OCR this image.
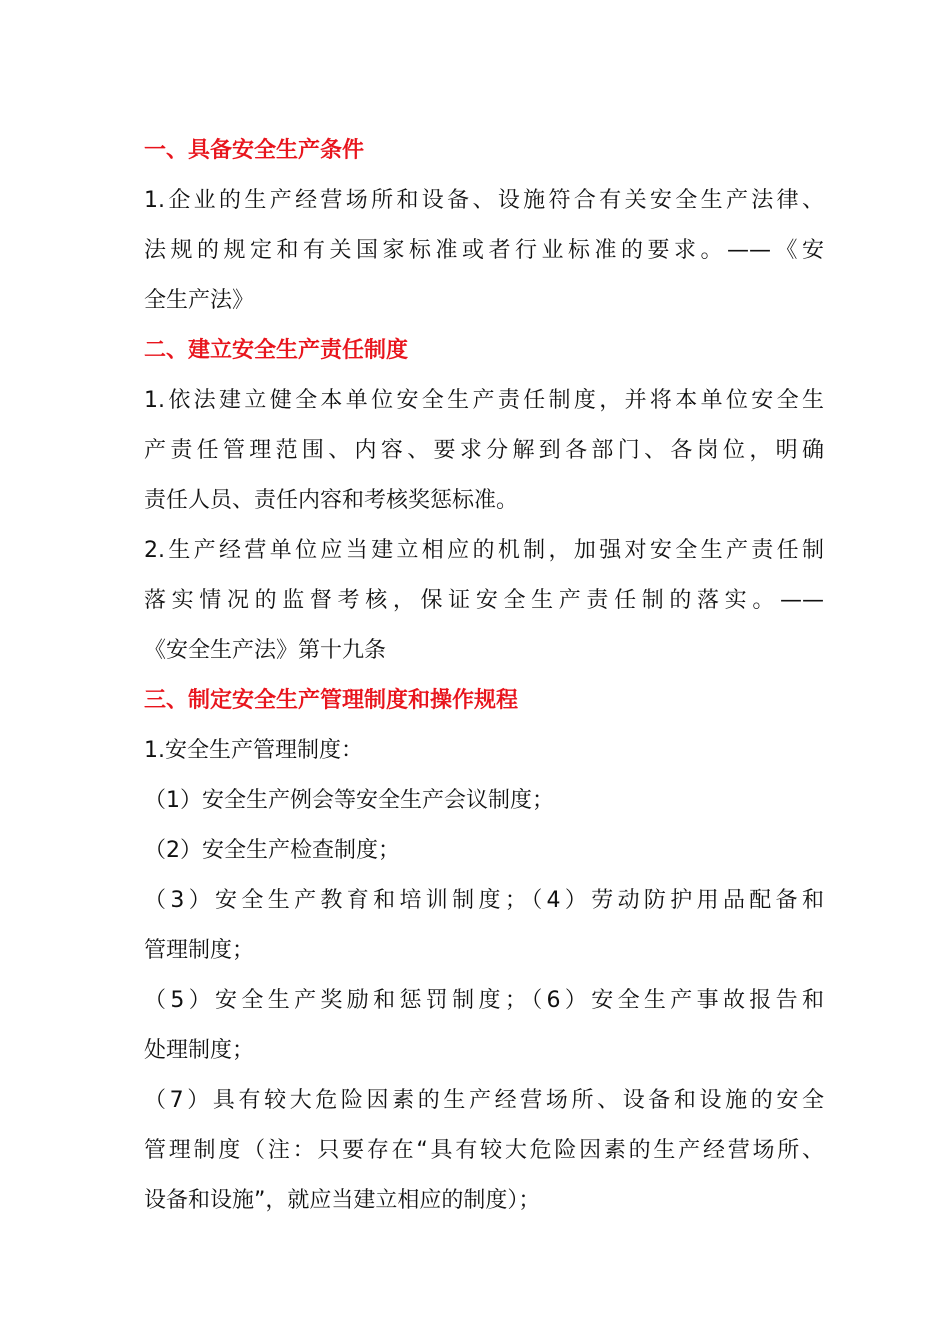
一、具备安全生产条件
1.企业的生产经营场所和设备、设施符合有关安全生产法律、
法规的规定和有关国家标准或者行业标准的要求。——《安
全生产法》
二、建立安全生产责任制度
1.依法建立健全本单位安全生产责任制度，并将本单位安全生
产责任管理范围、内容、要求分解到各部门、各岗位，明确
责任人员、责任内容和考核奖惩标准。
2.生产经营单位应当建立相应的机制，加强对安全生产责任制
落实情况的监督考核，保证安全生产责任制的落实。——
《安全生产法》第十九条
三、制定安全生产管理制度和操作规程
1.安全生产管理制度：
（1）安全生产例会等安全生产会议制度；
（2）安全生产检查制度；
（3）安全生产教育和培训制度；（4）劳动防护用品配备和
管理制度；
（5）安全生产奖励和惩罚制度；（6）安全生产事故报告和
处理制度；
（7）具有较大危险因素的生产经营场所、设备和设施的安全
管理制度（注：只要存在“具有较大危险因素的生产经营场所、
设备和设施”，就应当建立相应的制度）；
